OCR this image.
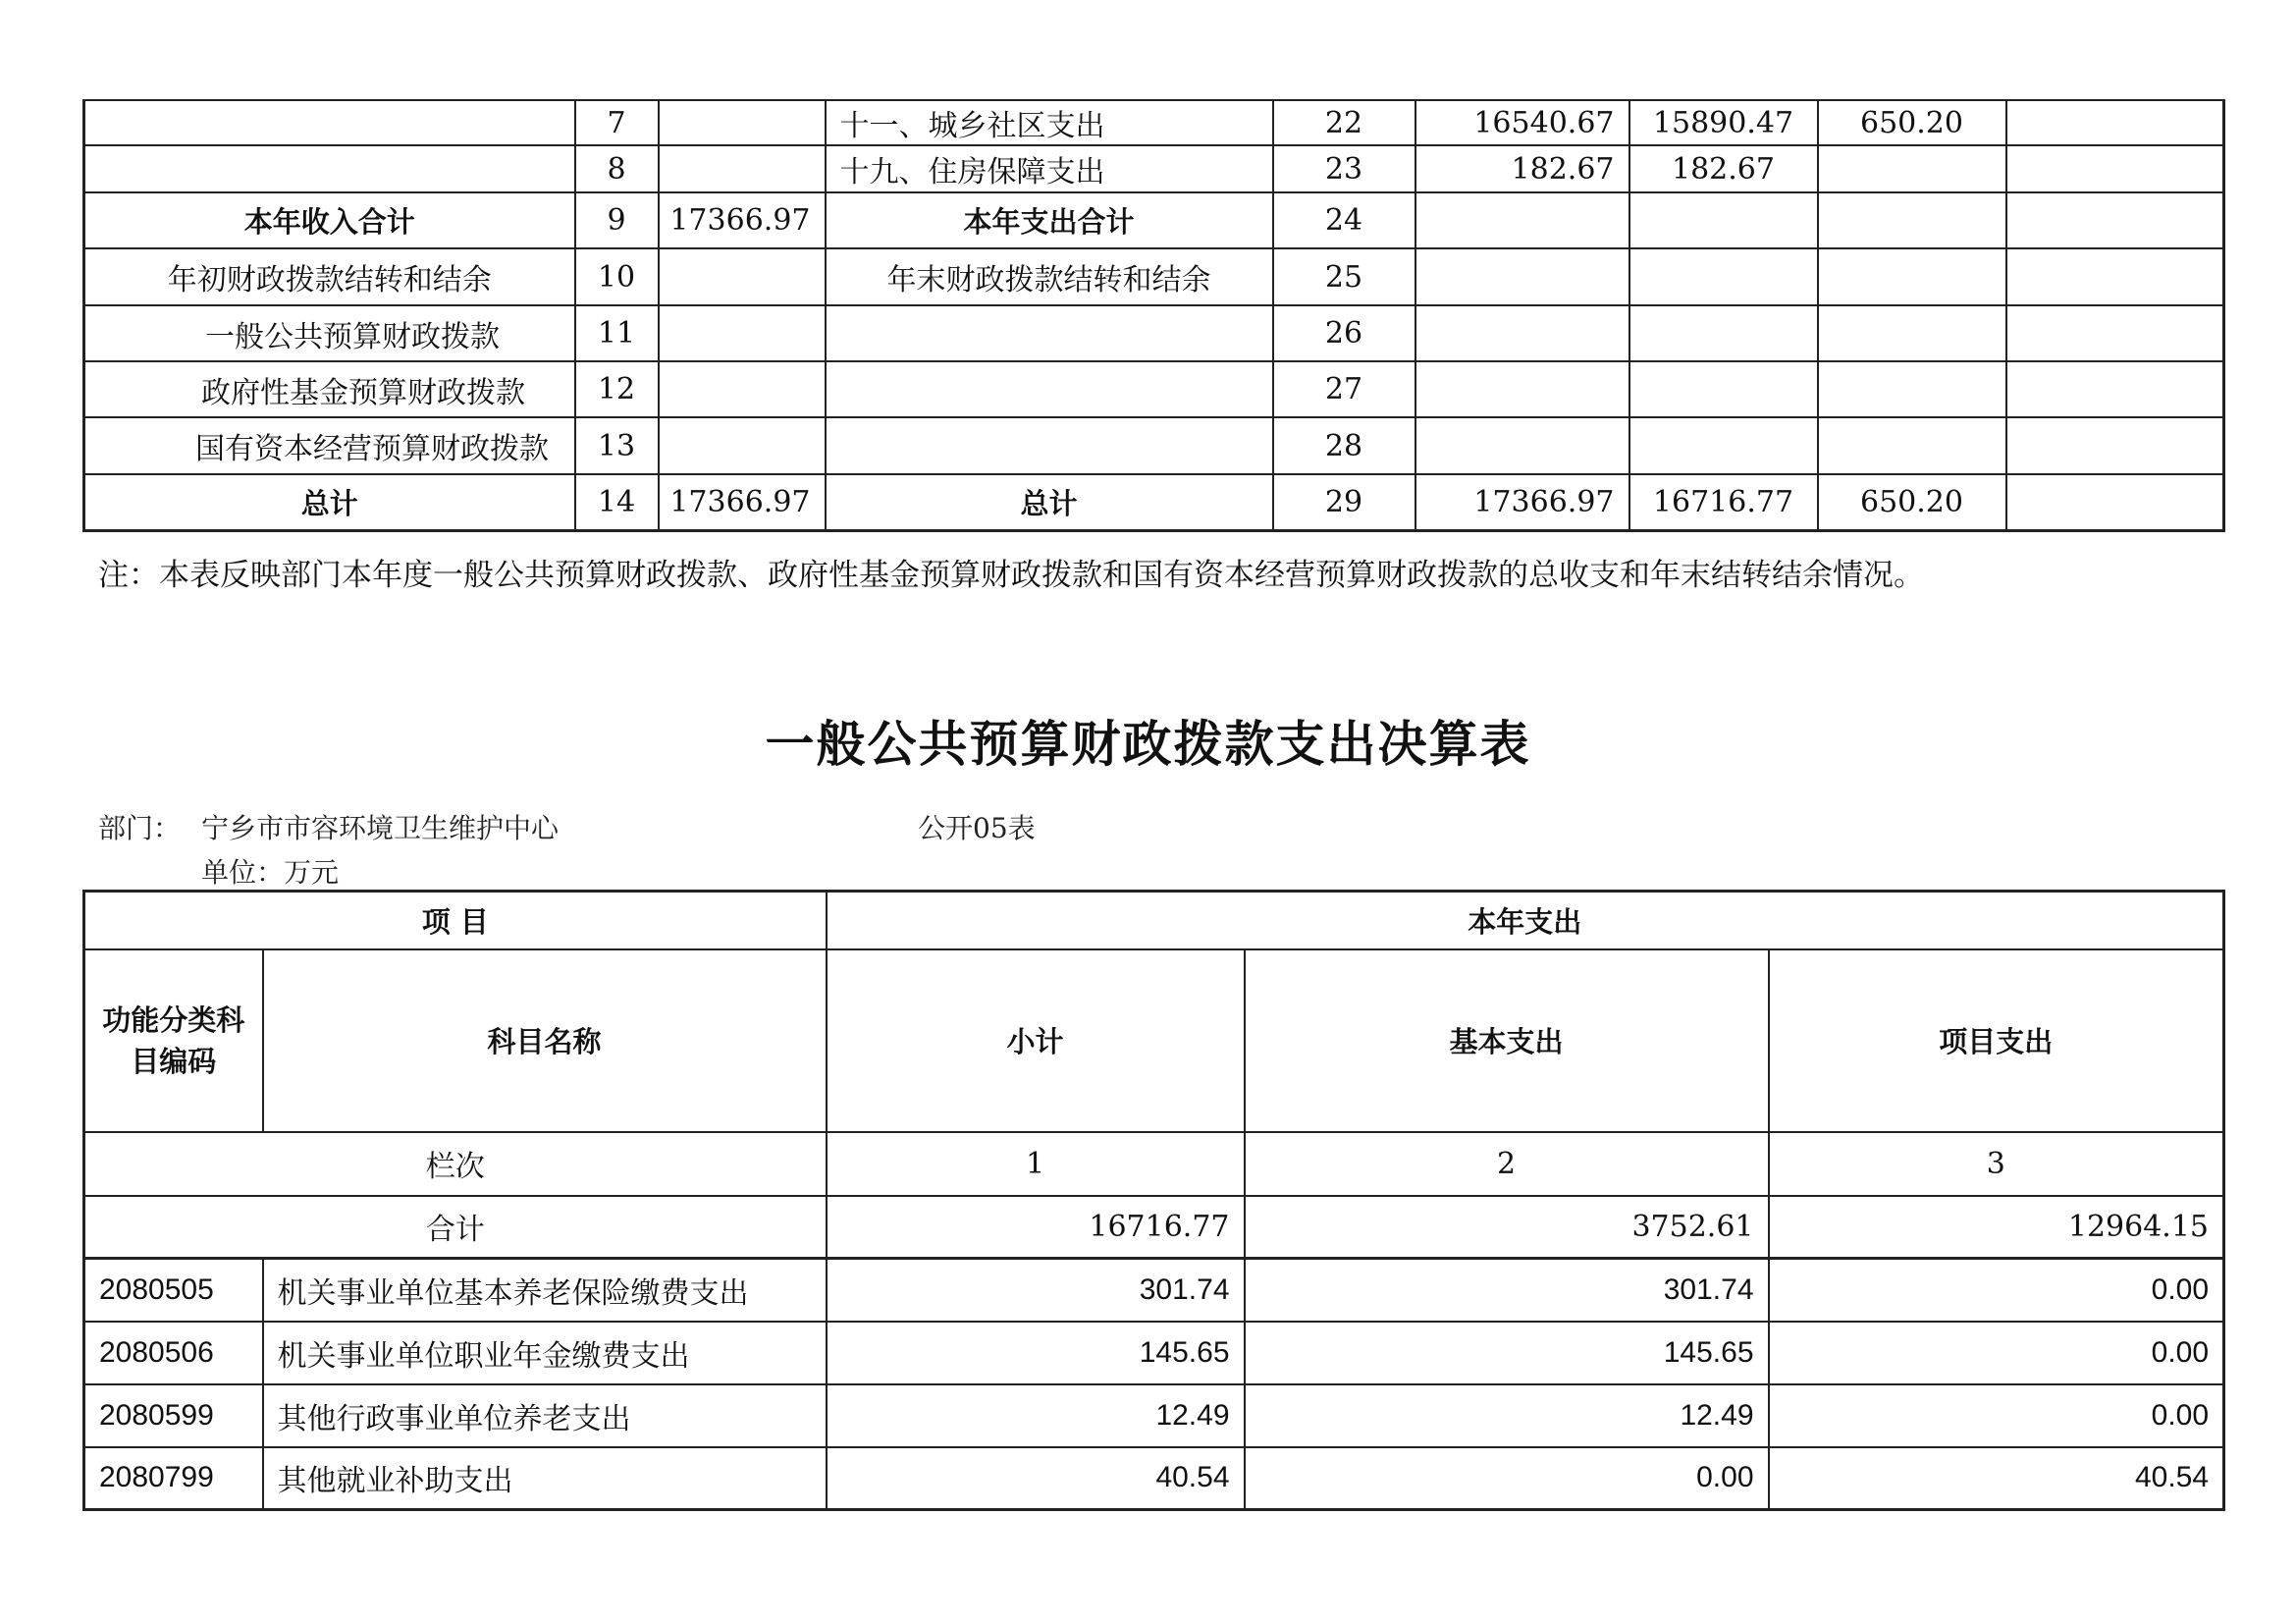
	7		十一、城乡社区支出	22	16540.67	15890.47	650.20	
	8		十九、住房保障支出	23	182.67	182.67		
本年收入合计	9	17366.97	本年支出合计	24				
年初财政拨款结转和结余	10		年末财政拨款结转和结余	25				
一般公共预算财政拨款	11			26				
政府性基金预算财政拨款	12			27				
国有资本经营预算财政拨款	13			28				
总计	14	17366.97	总计	29	17366.97	16716.77	650.20	
注：本表反映部门本年度一般公共预算财政拨款、政府性基金预算财政拨款和国有资本经营预算财政拨款的总收支和年末结转结余情况。
一般公共预算财政拨款支出决算表
部门： 宁乡市市容环境卫生维护中心	公开05表
单位：万元
项 目		本年支出		
功能分类科目编码	科目名称	小计	基本支出	项目支出
栏次		1	2	3
合计		16716.77	3752.61	12964.15
2080505	机关事业单位基本养老保险缴费支出	301.74	301.74	0.00
2080506	机关事业单位职业年金缴费支出	145.65	145.65	0.00
2080599	其他行政事业单位养老支出	12.49	12.49	0.00
2080799	其他就业补助支出	40.54	0.00	40.54
